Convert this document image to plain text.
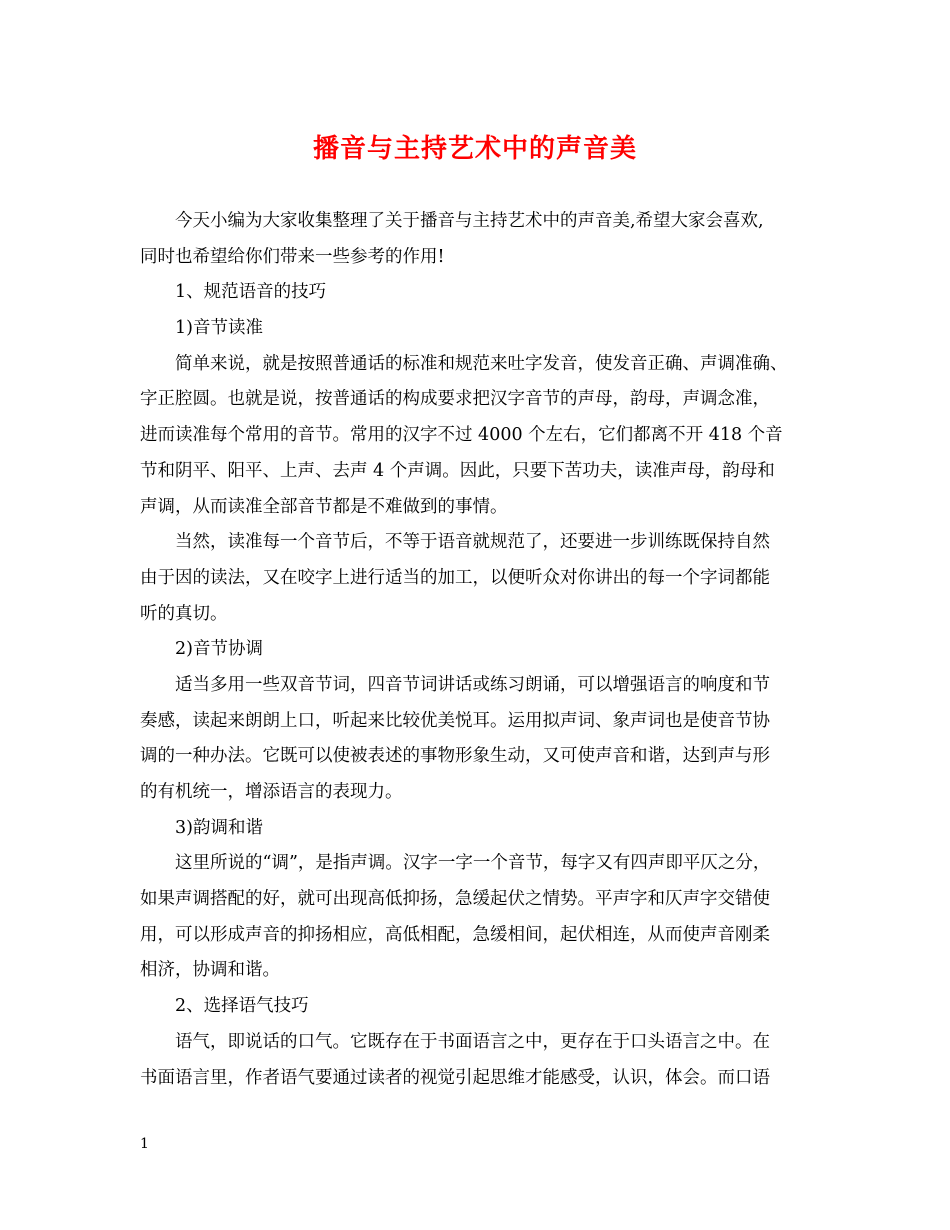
播音与主持艺术中的声音美
今天小编为大家收集整理了关于播音与主持艺术中的声音美,希望大家会喜欢,
同时也希望给你们带来一些参考的作用!
1、规范语音的技巧
1)音节读准
简单来说，就是按照普通话的标准和规范来吐字发音，使发音正确、声调准确、
字正腔圆。也就是说，按普通话的构成要求把汉字音节的声母，韵母，声调念准，
进而读准每个常用的音节。常用的汉字不过 4000 个左右，它们都离不开 418 个音
节和阴平、阳平、上声、去声 4 个声调。因此，只要下苦功夫，读准声母，韵母和
声调，从而读准全部音节都是不难做到的事情。
当然，读准每一个音节后，不等于语音就规范了，还要进一步训练既保持自然
由于因的读法，又在咬字上进行适当的加工，以便听众对你讲出的每一个字词都能
听的真切。
2)音节协调
适当多用一些双音节词，四音节词讲话或练习朗诵，可以增强语言的响度和节
奏感，读起来朗朗上口，听起来比较优美悦耳。运用拟声词、象声词也是使音节协
调的一种办法。它既可以使被表述的事物形象生动，又可使声音和谐，达到声与形
的有机统一，增添语言的表现力。
3)韵调和谐
这里所说的“调”，是指声调。汉字一字一个音节，每字又有四声即平仄之分，
如果声调搭配的好，就可出现高低抑扬，急缓起伏之情势。平声字和仄声字交错使
用，可以形成声音的抑扬相应，高低相配，急缓相间，起伏相连，从而使声音刚柔
相济，协调和谐。
2、选择语气技巧
语气，即说话的口气。它既存在于书面语言之中，更存在于口头语言之中。在
书面语言里，作者语气要通过读者的视觉引起思维才能感受，认识，体会。而口语
1
